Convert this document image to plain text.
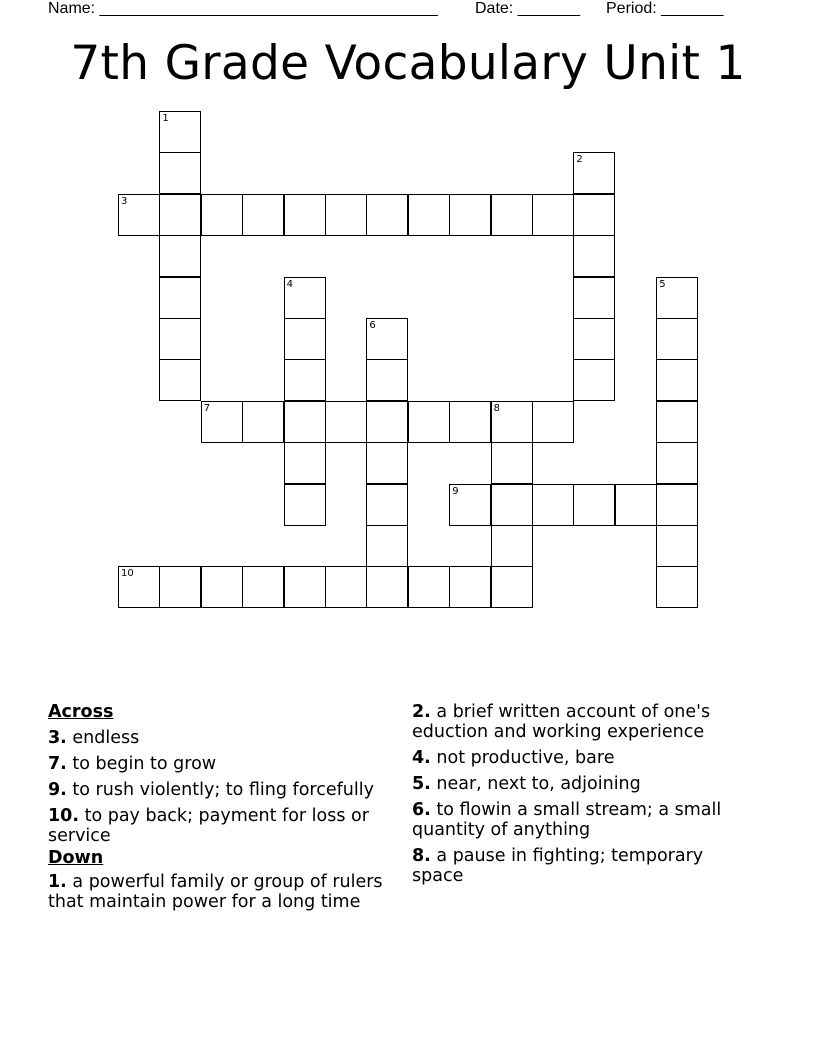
Name: ______________________________________ Date: _______ Period: _______
7th Grade Vocabulary Unit 1
1
2
3
4
6
5
7	8
9
10
Across
3. endless
7. to begin to grow
9. to rush violently; to fling forcefully
10. to pay back; payment for loss or service
Down
1. a powerful family or group of rulers that maintain power for a long time
2. a brief written account of one's eduction and working experience
4. not productive, bare
5. near, next to, adjoining
6. to flowin a small stream; a small quantity of anything
8. a pause in fighting; temporary space
